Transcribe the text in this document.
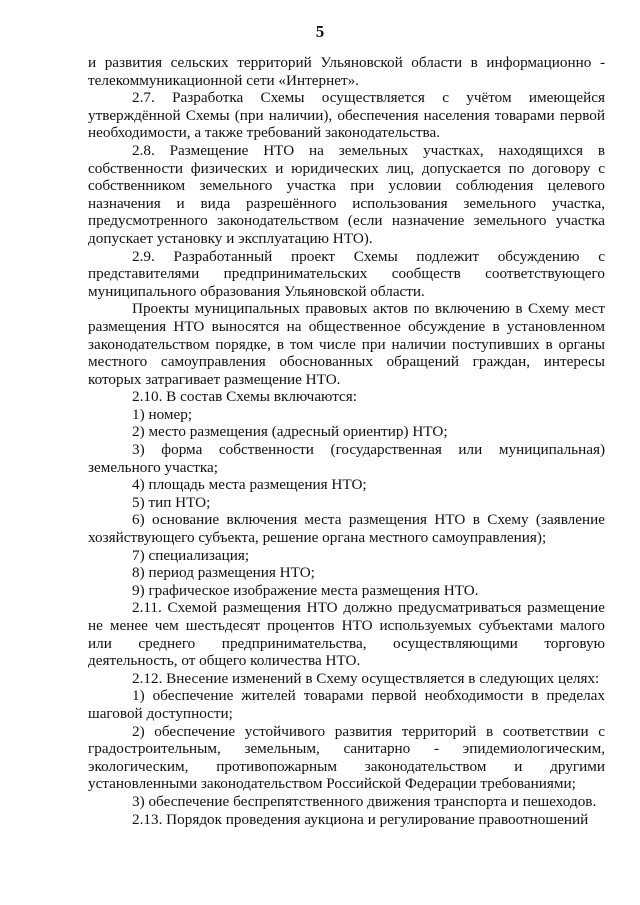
5

и развития сельских территорий Ульяновской области в информационно - телекоммуникационной сети «Интернет».

2.7. Разработка Схемы осуществляется с учётом имеющейся утверждённой Схемы (при наличии), обеспечения населения товарами первой необходимости, а также требований законодательства.

2.8. Размещение НТО на земельных участках, находящихся в собственности физических и юридических лиц, допускается по договору с собственником земельного участка при условии соблюдения целевого назначения и вида разрешённого использования земельного участка, предусмотренного законодательством (если назначение земельного участка допускает установку и эксплуатацию НТО).

2.9. Разработанный проект Схемы подлежит обсуждению с представителями предпринимательских сообществ соответствующего муниципального образования Ульяновской области.

Проекты муниципальных правовых актов по включению в Схему мест размещения НТО выносятся на общественное обсуждение в установленном законодательством порядке, в том числе при наличии поступивших в органы местного самоуправления обоснованных обращений граждан, интересы которых затрагивает размещение НТО.

2.10. В состав Схемы включаются:

1) номер;

2) место размещения (адресный ориентир) НТО;

3) форма собственности (государственная или муниципальная) земельного участка;

4) площадь места размещения НТО;

5) тип НТО;

6) основание включения места размещения НТО в Схему (заявление хозяйствующего субъекта, решение органа местного самоуправления);

7) специализация;

8) период размещения НТО;

9) графическое изображение места размещения НТО.

2.11. Схемой размещения НТО должно предусматриваться размещение не менее чем шестьдесят процентов НТО используемых субъектами малого или среднего предпринимательства, осуществляющими торговую деятельность, от общего количества НТО.

2.12. Внесение изменений в Схему осуществляется в следующих целях:

1) обеспечение жителей товарами первой необходимости в пределах шаговой доступности;

2) обеспечение устойчивого развития территорий в соответствии с градостроительным, земельным, санитарно - эпидемиологическим, экологическим, противопожарным законодательством и другими установленными законодательством Российской Федерации требованиями;

3) обеспечение беспрепятственного движения транспорта и пешеходов.

2.13. Порядок проведения аукциона и регулирование правоотношений
